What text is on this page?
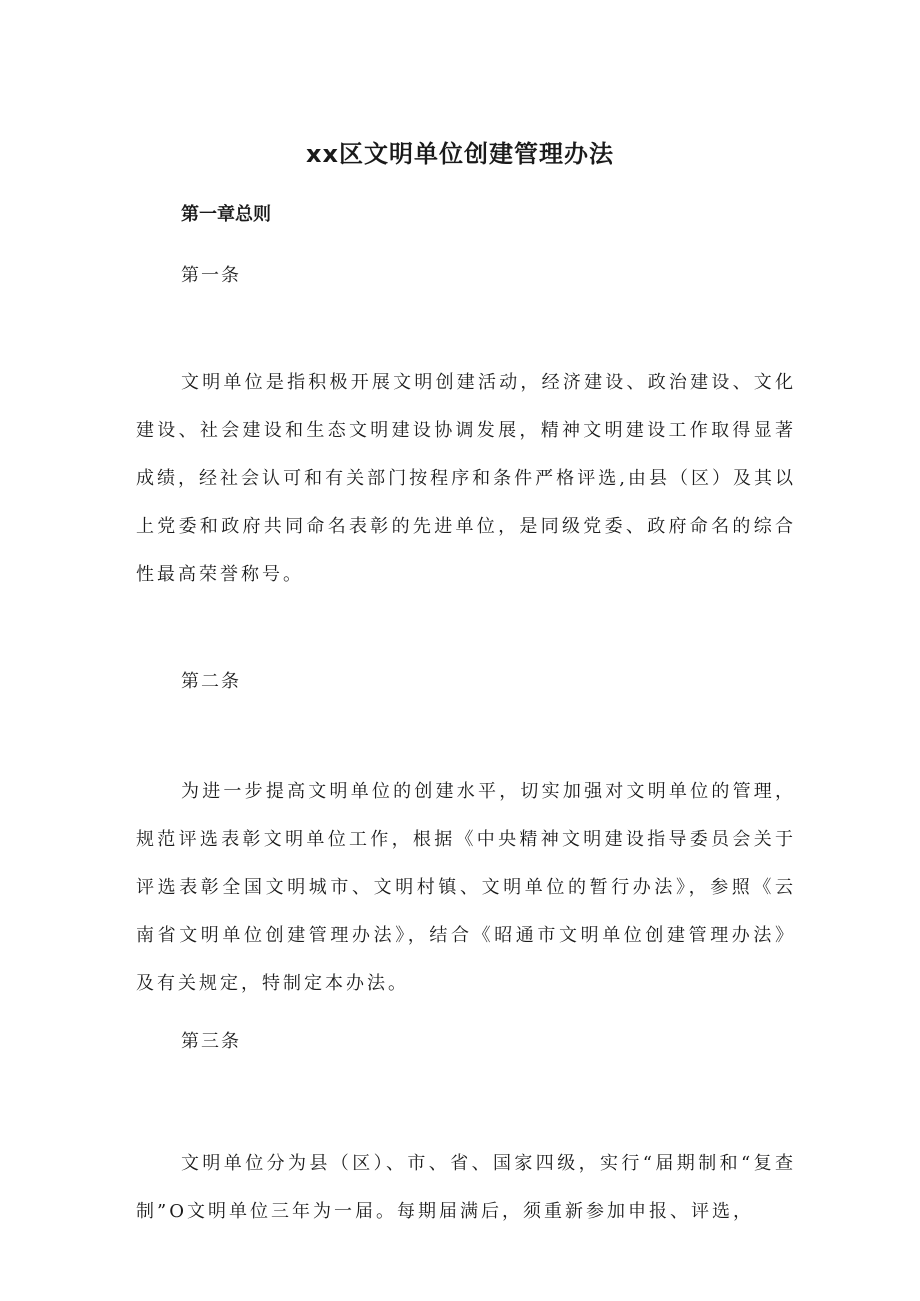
xx区文明单位创建管理办法
第一章总则
第一条

文明单位是指积极开展文明创建活动，经济建设、政治建设、文化建设、社会建设和生态文明建设协调发展，精神文明建设工作取得显著成绩，经社会认可和有关部门按程序和条件严格评选,由县（区）及其以上党委和政府共同命名表彰的先进单位，是同级党委、政府命名的综合性最高荣誉称号。

第二条

为进一步提高文明单位的创建水平，切实加强对文明单位的管理，规范评选表彰文明单位工作，根据《中央精神文明建设指导委员会关于评选表彰全国文明城市、文明村镇、文明单位的暂行办法》，参照《云南省文明单位创建管理办法》，结合《昭通市文明单位创建管理办法》及有关规定，特制定本办法。

第三条

文明单位分为县（区）、市、省、国家四级，实行“届期制和“复查制”O文明单位三年为一届。每期届满后，须重新参加申报、评选，
